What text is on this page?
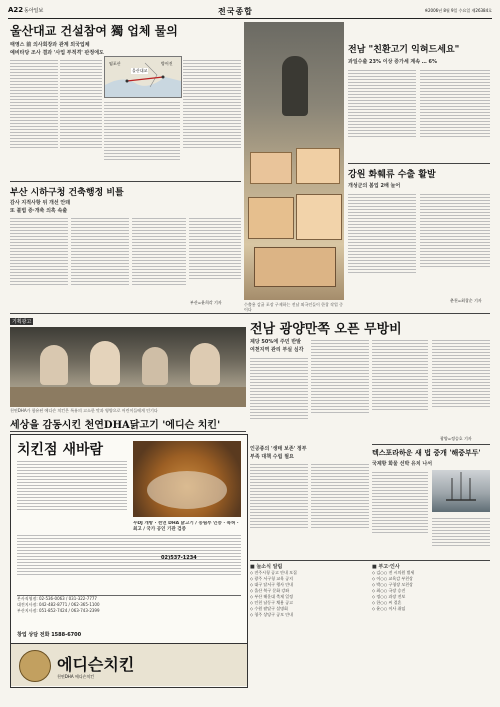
A22 동아일보	전국종합	※2006년 8월 9일 수요일 제26384호
울산대교 건설참여 獨 업체 물의
태영스 前 의사회장과 관계 외국업체
예비타당 조사 결과 '사업 부적격' 판정에도
울산대교
방어진
염포산
부산 시하구청 건축행정 비틀
감사 지적사항 뒤 개선 안돼
또 불법 증·개축 의혹 속출
부산=윤희각 기자	수출용 감귤 포장 구제하는 전남 외국인들이 한창 작업 중이다
전남 "친환고기 익혀드세요"
과일수출 23% 이상 증가세 계속 … 6%
강원 화훼류 수출 활발
개성군의 봄업 2배 늘어
춘천=최창순 기자
기획광고
천연DHA가 함유된 에디슨 치킨은 특유의 고소한 맛과 영양으로 어린이들에게 인기다
세상을 감동시킨 천연DHA닭고기 '에디슨 치킨'
치킨점 새바람
무DJ 개방 · 천연 DHA 닭고기 / 농림부 인증 · 특허 · 최고 / 국가 공인 기관 검증
02)537-1234
본사직영점: 02-536-0063 / 031-322-7777
대전지사점: 042-482-8771 / 062-365-1100
부산지사점: 051-852-7424 / 063-743-2399
창업 상담 전화 1588-6700
에디슨치킨
천연DHA 에디슨치킨
전남 광양만쪽 오픈 무방비
제당 50%에 주민 반발
여천지역 관리 부실 심각
인공종의 '생태 보존' 정부
부족 대책 수립 필요
광양=정승호 기자
텍스포라하운 새 법 중개 '해중부두'
국제항 화물 선박 유치 나서
■ 늘소식 알림
◇ 전주시청 공고 안내 모집
◇ 광주 서구청 교육 공지
◇ 대구 달서구 행사 안내
◇ 울산 북구 문화 강좌
◇ 부산 해운대 축제 일정
◇ 인천 남동구 채용 공고
◇ 수원 팔달구 설명회
◇ 청주 상당구 공모 안내
■ 부고·인사
◇ 김○○ 전 시의원 별세
◇ 이○○ 교육감 부친상
◇ 박○○ 구청장 모친상
◇ 최○○ 국장 승진
◇ 정○○ 과장 전보
◇ 한○○ 씨 결혼
◇ 윤○○ 이사 취임
